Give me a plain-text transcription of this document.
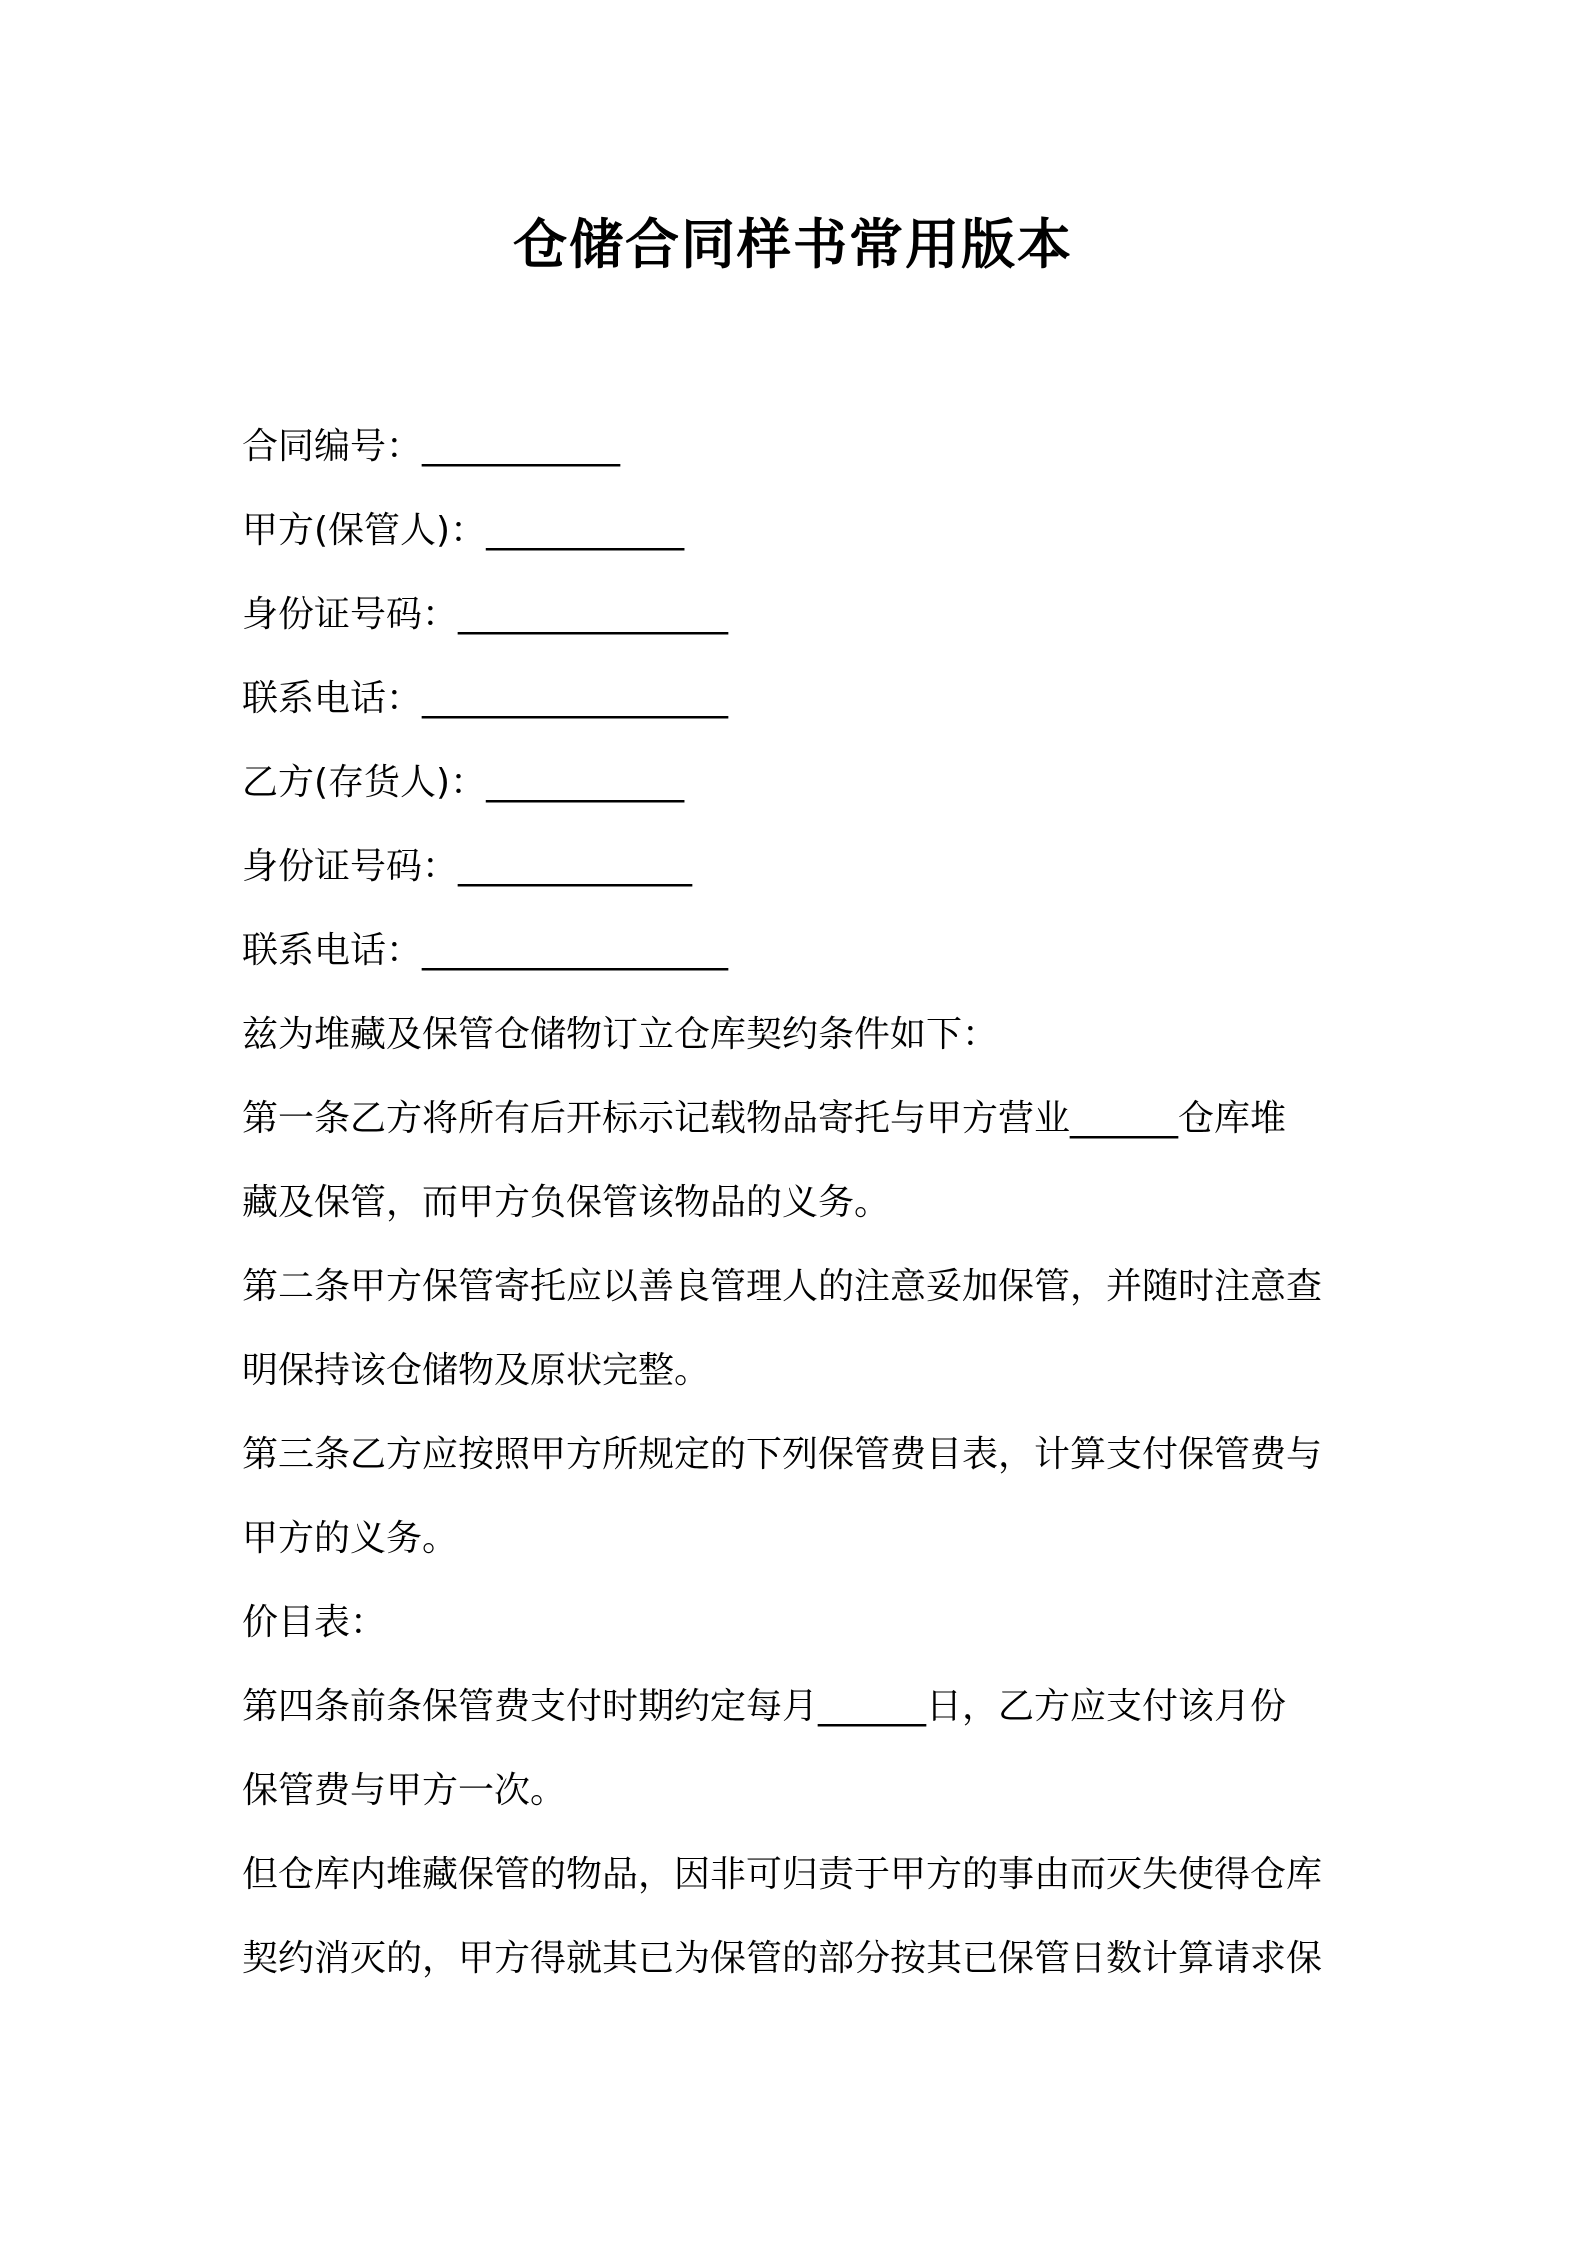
仓储合同样书常用版本
合同编号：___________
甲方(保管人)：___________
身份证号码：_______________
联系电话：_________________
乙方(存货人)：___________
身份证号码：_____________
联系电话：_________________
兹为堆藏及保管仓储物订立仓库契约条件如下：
第一条乙方将所有后开标示记载物品寄托与甲方营业______仓库堆
藏及保管，而甲方负保管该物品的义务。
第二条甲方保管寄托应以善良管理人的注意妥加保管，并随时注意查
明保持该仓储物及原状完整。
第三条乙方应按照甲方所规定的下列保管费目表，计算支付保管费与
甲方的义务。
价目表：
第四条前条保管费支付时期约定每月______日，乙方应支付该月份
保管费与甲方一次。
但仓库内堆藏保管的物品，因非可归责于甲方的事由而灭失使得仓库
契约消灭的，甲方得就其已为保管的部分按其已保管日数计算请求保
